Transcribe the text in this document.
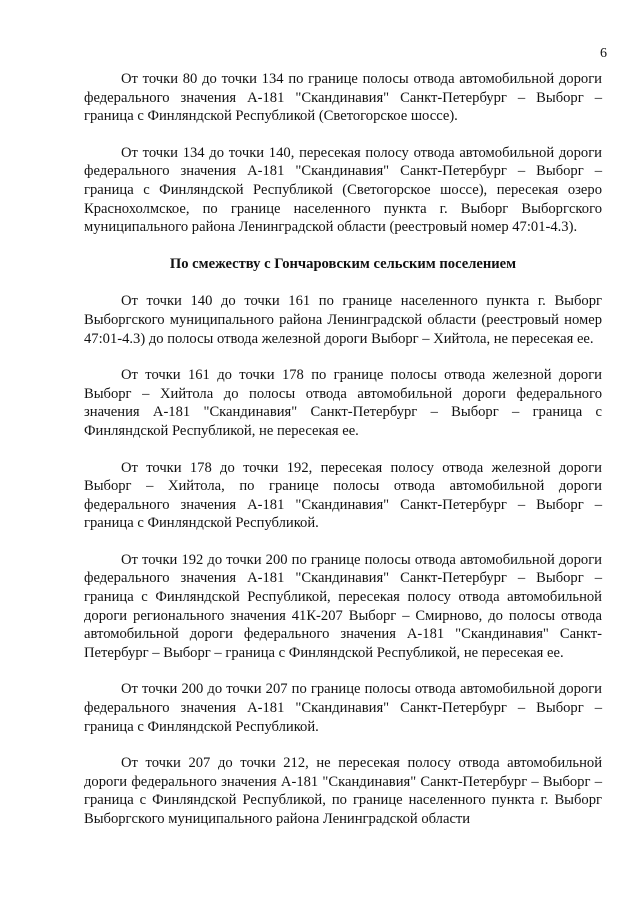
6

От точки 80 до точки 134 по границе полосы отвода автомобильной дороги федерального значения А-181 "Скандинавия" Санкт-Петербург – Выборг – граница с Финляндской Республикой (Светогорское шоссе).

От точки 134 до точки 140, пересекая полосу отвода автомобильной дороги федерального значения А-181 "Скандинавия" Санкт-Петербург – Выборг – граница с Финляндской Республикой (Светогорское шоссе), пересекая озеро Краснохолмское, по границе населенного пункта г. Выборг Выборгского муниципального района Ленинградской области (реестровый номер 47:01-4.3).

По смежеству с Гончаровским сельским поселением

От точки 140 до точки 161 по границе населенного пункта г. Выборг Выборгского муниципального района Ленинградской области (реестровый номер 47:01-4.3) до полосы отвода железной дороги Выборг – Хийтола, не пересекая ее.

От точки 161 до точки 178 по границе полосы отвода железной дороги Выборг – Хийтола до полосы отвода автомобильной дороги федерального значения А-181 "Скандинавия" Санкт-Петербург – Выборг – граница с Финляндской Республикой, не пересекая ее.

От точки 178 до точки 192, пересекая полосу отвода железной дороги Выборг – Хийтола, по границе полосы отвода автомобильной дороги федерального значения А-181 "Скандинавия" Санкт-Петербург – Выборг – граница с Финляндской Республикой.

От точки 192 до точки 200 по границе полосы отвода автомобильной дороги федерального значения А-181 "Скандинавия" Санкт-Петербург – Выборг – граница с Финляндской Республикой, пересекая полосу отвода автомобильной дороги регионального значения 41К-207 Выборг – Смирново, до полосы отвода автомобильной дороги федерального значения А-181 "Скандинавия" Санкт-Петербург – Выборг – граница с Финляндской Республикой, не пересекая ее.

От точки 200 до точки 207 по границе полосы отвода автомобильной дороги федерального значения А-181 "Скандинавия" Санкт-Петербург – Выборг – граница с Финляндской Республикой.

От точки 207 до точки 212, не пересекая полосу отвода автомобильной дороги федерального значения А-181 "Скандинавия" Санкт-Петербург – Выборг – граница с Финляндской Республикой, по границе населенного пункта г. Выборг Выборгского муниципального района Ленинградской области
